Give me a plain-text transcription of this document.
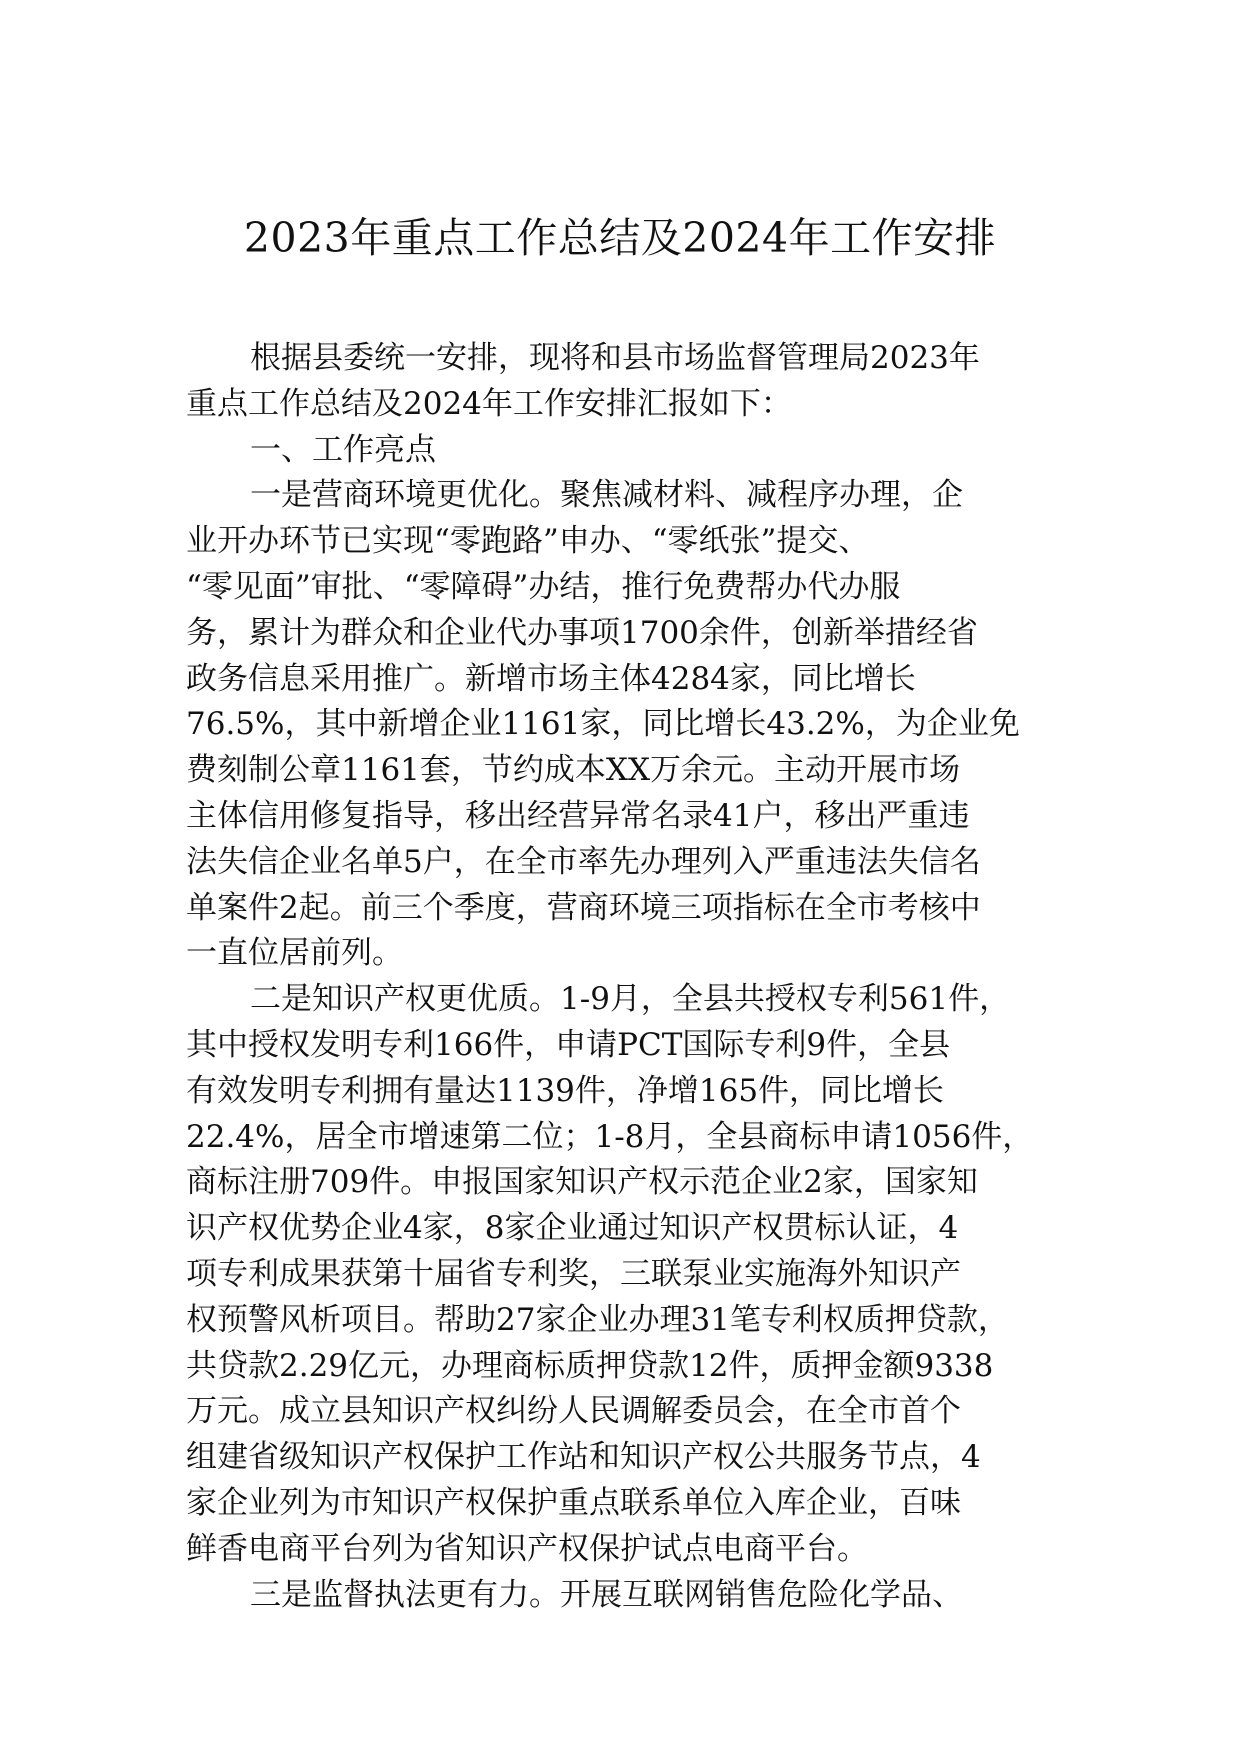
2023年重点工作总结及2024年工作安排
根据县委统一安排，现将和县市场监督管理局2023年
重点工作总结及2024年工作安排汇报如下：
一、工作亮点
一是营商环境更优化。聚焦减材料、减程序办理，企
业开办环节已实现“零跑路”申办、“零纸张”提交、
“零见面”审批、“零障碍”办结，推行免费帮办代办服
务，累计为群众和企业代办事项1700余件，创新举措经省
政务信息采用推广。新增市场主体4284家，同比增长
76.5%，其中新增企业1161家，同比增长43.2%，为企业免
费刻制公章1161套，节约成本XX万余元。主动开展市场
主体信用修复指导，移出经营异常名录41户，移出严重违
法失信企业名单5户，在全市率先办理列入严重违法失信名
单案件2起。前三个季度，营商环境三项指标在全市考核中
一直位居前列。
二是知识产权更优质。1-9月，全县共授权专利561件，
其中授权发明专利166件，申请PCT国际专利9件，全县
有效发明专利拥有量达1139件，净增165件，同比增长
22.4%，居全市增速第二位；1-8月，全县商标申请1056件，
商标注册709件。申报国家知识产权示范企业2家，国家知
识产权优势企业4家，8家企业通过知识产权贯标认证，4
项专利成果获第十届省专利奖，三联泵业实施海外知识产
权预警风析项目。帮助27家企业办理31笔专利权质押贷款，
共贷款2.29亿元，办理商标质押贷款12件，质押金额9338
万元。成立县知识产权纠纷人民调解委员会，在全市首个
组建省级知识产权保护工作站和知识产权公共服务节点，4
家企业列为市知识产权保护重点联系单位入库企业，百味
鲜香电商平台列为省知识产权保护试点电商平台。
三是监督执法更有力。开展互联网销售危险化学品、
